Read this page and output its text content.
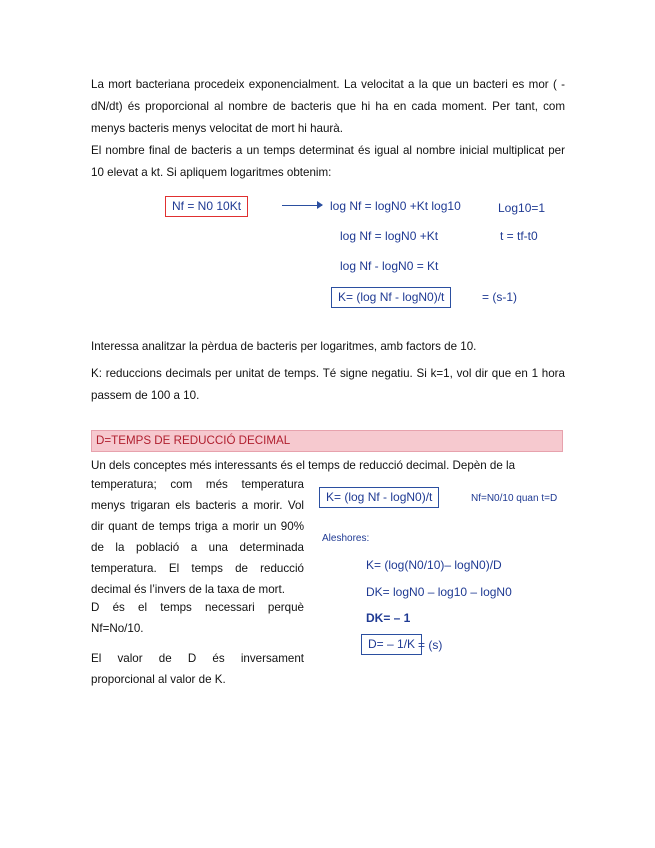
La mort bacteriana procedeix exponencialment. La velocitat a la que un bacteri es mor ( -dN/dt) és proporcional al nombre de bacteris que hi ha en cada moment. Per tant, com menys bacteris menys velocitat de mort hi haurà.

El nombre final de bacteris a un temps determinat és igual al nombre inicial multiplicat per 10 elevat a kt. Si apliquem logaritmes obtenim:

Nf = N0 10Kt	log Nf = logN0 +Kt log10	Log10=1
log Nf = logN0 +Kt	t = tf-t0
log Nf - logN0 = Kt
K= (log Nf - logN0)/t	= (s-1)

Interessa analitzar la pèrdua de bacteris per logaritmes, amb factors de 10.

K: reduccions decimals per unitat de temps. Té signe negatiu. Si k=1, vol dir que en 1 hora passem de 100 a 10.

D=TEMPS DE REDUCCIÓ DECIMAL

Un dels conceptes més interessants és el temps de reducció decimal. Depèn de la

temperatura; com més temperatura menys trigaran els bacteris a morir. Vol dir quant de temps triga a morir un 90% de la població a una determinada temperatura. El temps de reducció decimal és l’invers de la taxa de mort.

D és el temps necessari perquè Nf=No/10.

El valor de D és inversament proporcional al valor de K.

K= (log Nf - logN0)/t	Nf=N0/10 quan t=D
Aleshores:
K= (log(N0/10)– logN0)/D
DK= logN0 – log10 – logN0
DK= – 1
D= – 1/K = (s)
